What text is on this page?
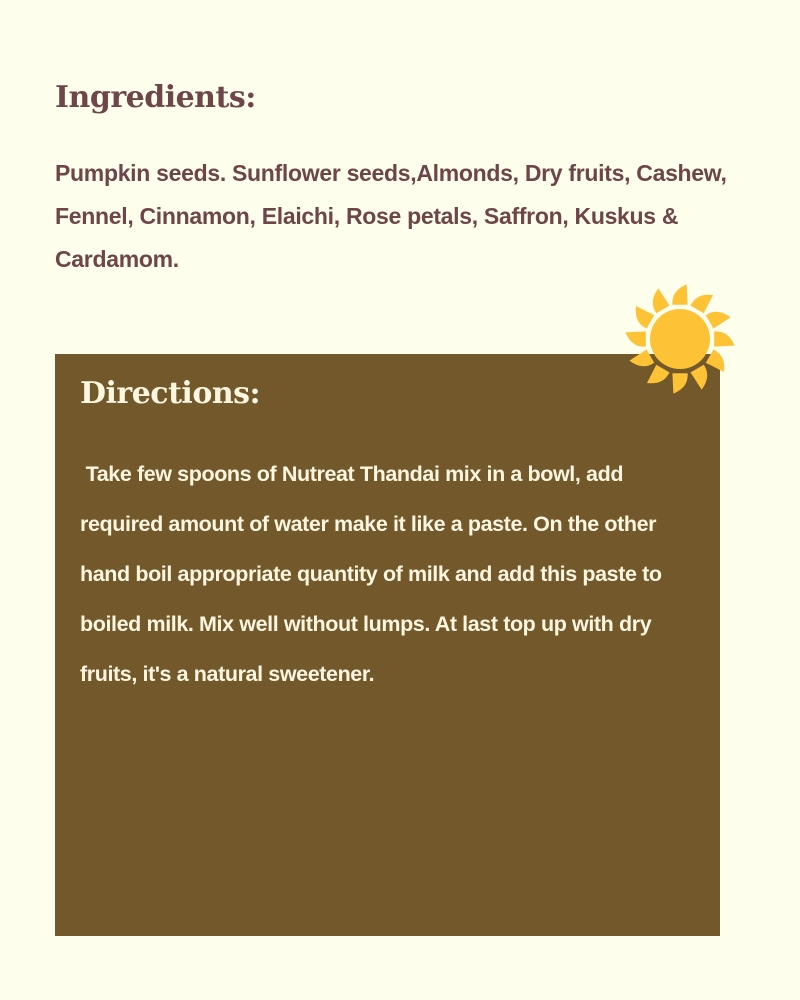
Ingredients:

Pumpkin seeds. Sunflower seeds,Almonds, Dry fruits, Cashew, Fennel, Cinnamon, Elaichi, Rose petals, Saffron, Kuskus & Cardamom.

Directions:

Take few spoons of Nutreat Thandai mix in a bowl, add required amount of water make it like a paste. On the other hand boil appropriate quantity of milk and add this paste to boiled milk. Mix well without lumps. At last top up with dry fruits, it's a natural sweetener.
